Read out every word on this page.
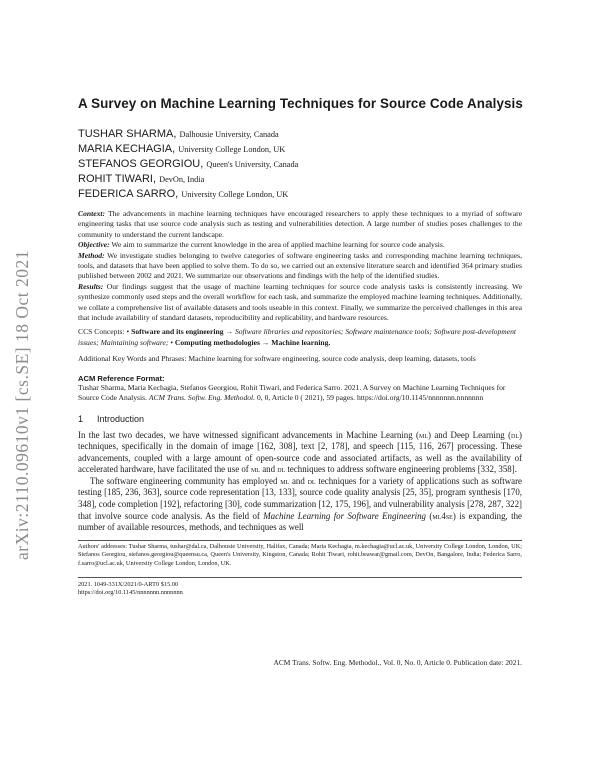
arXiv:2110.09610v1 [cs.SE] 18 Oct 2021
A Survey on Machine Learning Techniques for Source Code Analysis
TUSHAR SHARMA, Dalhousie University, Canada
MARIA KECHAGIA, University College London, UK
STEFANOS GEORGIOU, Queen's University, Canada
ROHIT TIWARI, DevOn, India
FEDERICA SARRO, University College London, UK

Context: The advancements in machine learning techniques have encouraged researchers to apply these techniques to a myriad of software engineering tasks that use source code analysis such as testing and vulnerabilities detection. A large number of studies poses challenges to the community to understand the current landscape.

Objective: We aim to summarize the current knowledge in the area of applied machine learning for source code analysis.

Method: We investigate studies belonging to twelve categories of software engineering tasks and corresponding machine learning techniques, tools, and datasets that have been applied to solve them. To do so, we carried out an extensive literature search and identified 364 primary studies published between 2002 and 2021. We summarize our observations and findings with the help of the identified studies.

Results: Our findings suggest that the usage of machine learning techniques for source code analysis tasks is consistently increasing. We synthesize commonly used steps and the overall workflow for each task, and summarize the employed machine learning techniques. Additionally, we collate a comprehensive list of available datasets and tools useable in this context. Finally, we summarize the perceived challenges in this area that include availability of standard datasets, reproducibility and replicability, and hardware resources.

CCS Concepts: • Software and its engineering → Software libraries and repositories; Software maintenance tools; Software post-development issues; Maintaining software; • Computing methodologies → Machine learning.
Additional Key Words and Phrases: Machine learning for software engineering, source code analysis, deep learning, datasets, tools
ACM Reference Format:
Tushar Sharma, Maria Kechagia, Stefanos Georgiou, Rohit Tiwari, and Federica Sarro. 2021. A Survey on Machine Learning Techniques for Source Code Analysis. ACM Trans. Softw. Eng. Methodol. 0, 0, Article 0 ( 2021), 59 pages. https://doi.org/10.1145/nnnnnnn.nnnnnnn
1 Introduction

In the last two decades, we have witnessed significant advancements in Machine Learning (ml) and Deep Learning (dl) techniques, specifically in the domain of image [162, 308], text [2, 178], and speech [115, 116, 267] processing. These advancements, coupled with a large amount of open-source code and associated artifacts, as well as the availability of accelerated hardware, have facilitated the use of ml and dl techniques to address software engineering problems [332, 358].

The software engineering community has employed ml and dl techniques for a variety of applications such as software testing [185, 236, 363], source code representation [13, 133], source code quality analysis [25, 35], program synthesis [170, 348], code completion [192], refactoring [30], code summarization [12, 175, 196], and vulnerability analysis [278, 287, 322] that involve source code analysis. As the field of Machine Learning for Software Engineering (ml4se) is expanding, the number of available resources, methods, and techniques as well

Authors' addresses: Tushar Sharma, tushar@dal.ca, Dalhousie University, Halifax, Canada; Maria Kechagia, m.kechagia@ucl.ac.uk, University College London, London, UK; Stefanos Georgiou, stefanos.georgiou@queensu.ca, Queen's University, Kingston, Canada; Rohit Tiwari, rohit.beawar@gmail.com, DevOn, Bangalore, India; Federica Sarro, f.sarro@ucl.ac.uk, University College London, London, UK.
2021. 1049-331X/2021/0-ART0 $15.00
https://doi.org/10.1145/nnnnnnn.nnnnnnn
ACM Trans. Softw. Eng. Methodol., Vol. 0, No. 0, Article 0. Publication date: 2021.
